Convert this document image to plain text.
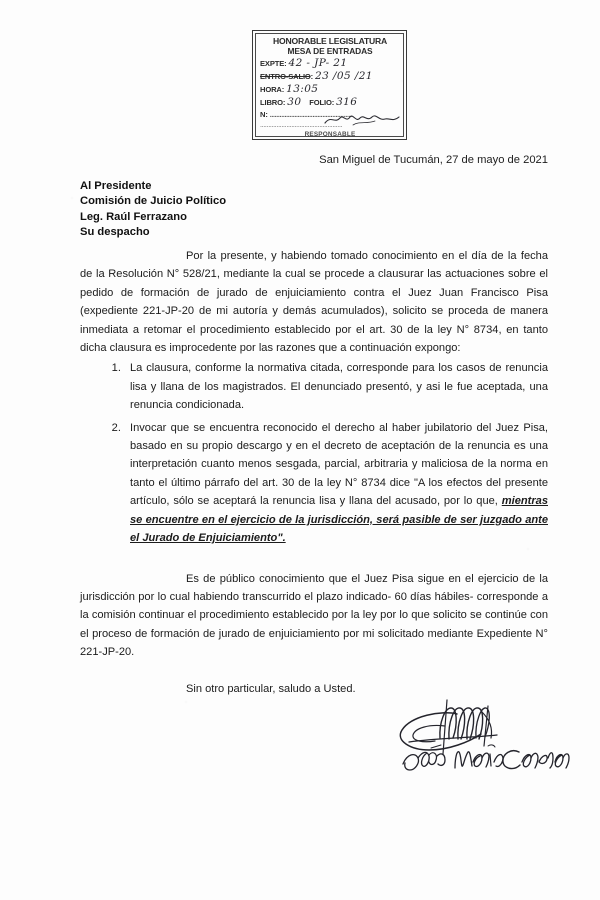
HONORABLE LEGISLATURA
MESA DE ENTRADAS
EXPTE: 42 - JP- 21
ENTRO-SALIO: 23 /05 /21
HORA: 13:05
LIBRO: 30 FOLIO: 316
N: ..................................................
..................................................
RESPONSABLE
San Miguel de Tucumán, 27 de mayo de 2021
Al Presidente
Comisión de Juicio Político
Leg. Raúl Ferrazano
Su despacho

Por la presente, y habiendo tomado conocimiento en el día de la fecha de la Resolución N° 528/21, mediante la cual se procede a clausurar las actuaciones sobre el pedido de formación de jurado de enjuiciamiento contra el Juez Juan Francisco Pisa (expediente 221-JP-20 de mi autoría y demás acumulados), solicito se proceda de manera inmediata a retomar el procedimiento establecido por el art. 30 de la ley N° 8734, en tanto dicha clausura es improcedente por las razones que a continuación expongo:

1. La clausura, conforme la normativa citada, corresponde para los casos de renuncia lisa y llana de los magistrados. El denunciado presentó, y asi le fue aceptada, una renuncia condicionada.
2. Invocar que se encuentra reconocido el derecho al haber jubilatorio del Juez Pisa, basado en su propio descargo y en el decreto de aceptación de la renuncia es una interpretación cuanto menos sesgada, parcial, arbitraria y maliciosa de la norma en tanto el último párrafo del art. 30 de la ley N° 8734 dice "A los efectos del presente artículo, sólo se aceptará la renuncia lisa y llana del acusado, por lo que, mientras se encuentre en el ejercicio de la jurisdicción, será pasible de ser juzgado ante el Jurado de Enjuiciamiento".

Es de público conocimiento que el Juez Pisa sigue en el ejercicio de la jurisdicción por lo cual habiendo transcurrido el plazo indicado- 60 días hábiles- corresponde a la comisión continuar el procedimiento establecido por la ley por lo que solicito se continúe con el proceso de formación de jurado de enjuiciamiento por mi solicitado mediante Expediente N° 221-JP-20.

Sin otro particular, saludo a Usted.
